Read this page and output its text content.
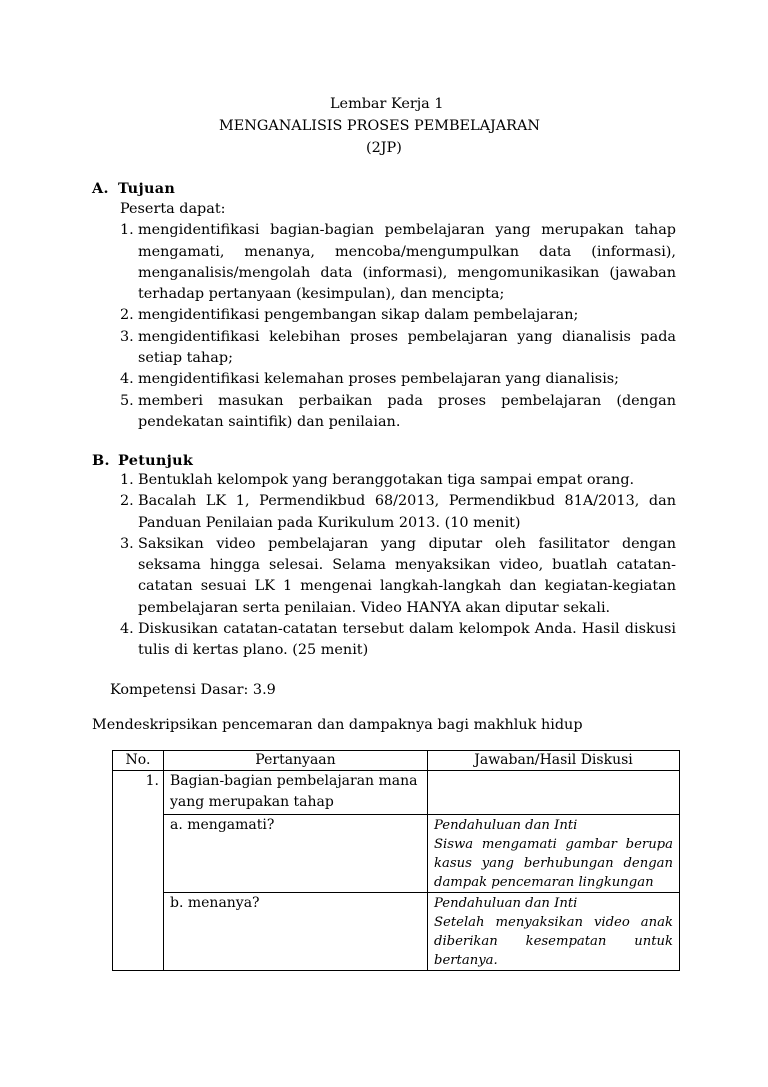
Lembar Kerja 1
MENGANALISIS PROSES PEMBELAJARAN
(2JP)
A. Tujuan

Peserta dapat:

1. mengidentifikasi bagian-bagian pembelajaran yang merupakan tahap mengamati, menanya, mencoba/mengumpulkan data (informasi), menganalisis/mengolah data (informasi), mengomunikasikan (jawaban terhadap pertanyaan (kesimpulan), dan mencipta;
2. mengidentifikasi pengembangan sikap dalam pembelajaran;
3. mengidentifikasi kelebihan proses pembelajaran yang dianalisis pada setiap tahap;
4. mengidentifikasi kelemahan proses pembelajaran yang dianalisis;
5. memberi masukan perbaikan pada proses pembelajaran (dengan pendekatan saintifik) dan penilaian.
B. Petunjuk
1. Bentuklah kelompok yang beranggotakan tiga sampai empat orang.
2. Bacalah LK 1, Permendikbud 68/2013, Permendikbud 81A/2013, dan Panduan Penilaian pada Kurikulum 2013. (10 menit)
3. Saksikan video pembelajaran yang diputar oleh fasilitator dengan seksama hingga selesai. Selama menyaksikan video, buatlah catatan-catatan sesuai LK 1 mengenai langkah-langkah dan kegiatan-kegiatan pembelajaran serta penilaian. Video HANYA akan diputar sekali.
4. Diskusikan catatan-catatan tersebut dalam kelompok Anda. Hasil diskusi tulis di kertas plano. (25 menit)
Kompetensi Dasar: 3.9
Mendeskripsikan pencemaran dan dampaknya bagi makhluk hidup
No.	Pertanyaan	Jawaban/Hasil Diskusi
1.	Bagian-bagian pembelajaran mana yang merupakan tahap	
	a. mengamati?	Pendahuluan dan Inti
Siswa mengamati gambar berupa kasus yang berhubungan dengan dampak pencemaran lingkungan

	b. menanya?	Pendahuluan dan Inti
Setelah menyaksikan video anak diberikan kesempatan untuk bertanya.
